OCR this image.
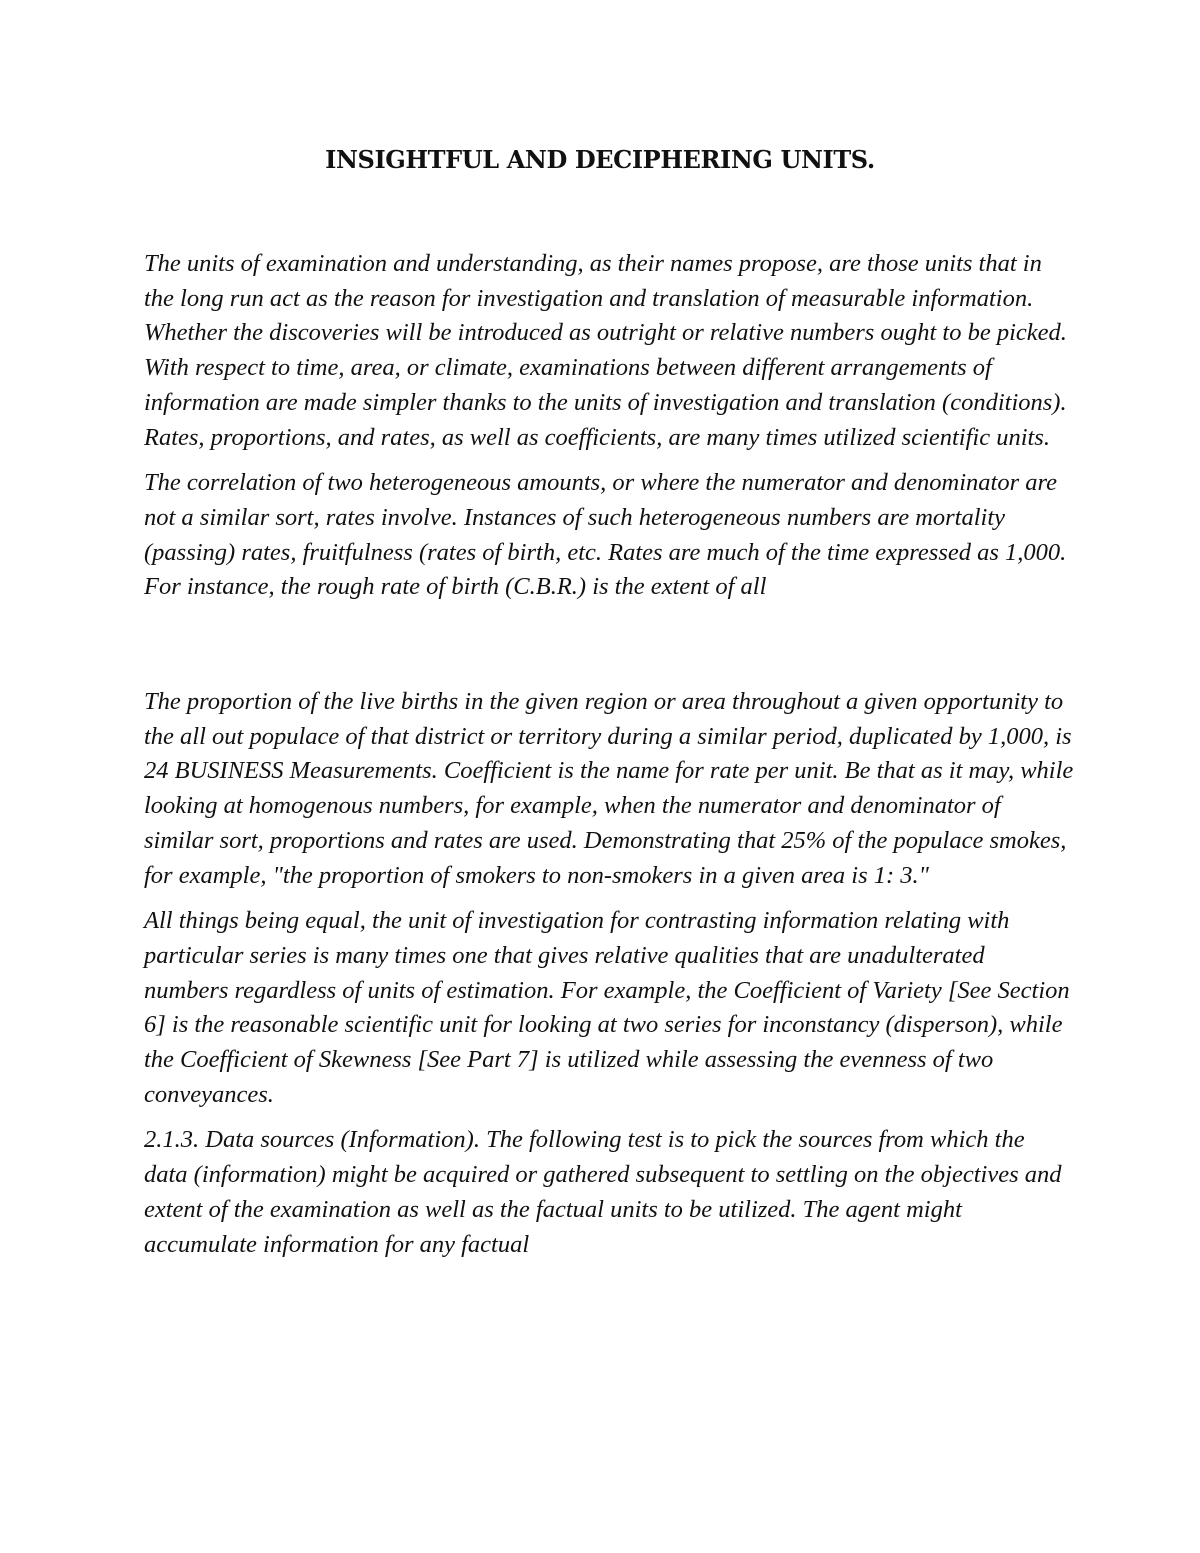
INSIGHTFUL AND DECIPHERING UNITS.

The units of examination and understanding, as their names propose, are those units that in the long run act as the reason for investigation and translation of measurable information. Whether the discoveries will be introduced as outright or relative numbers ought to be picked. With respect to time, area, or climate, examinations between different arrangements of information are made simpler thanks to the units of investigation and translation (conditions). Rates, proportions, and rates, as well as coefficients, are many times utilized scientific units.

The correlation of two heterogeneous amounts, or where the numerator and denominator are not a similar sort, rates involve. Instances of such heterogeneous numbers are mortality (passing) rates, fruitfulness (rates of birth, etc. Rates are much of the time expressed as 1,000. For instance, the rough rate of birth (C.B.R.) is the extent of all

The proportion of the live births in the given region or area throughout a given opportunity to the all out populace of that district or territory during a similar period, duplicated by 1,000, is 24 BUSINESS Measurements. Coefficient is the name for rate per unit. Be that as it may, while looking at homogenous numbers, for example, when the numerator and denominator of similar sort, proportions and rates are used. Demonstrating that 25% of the populace smokes, for example, "the proportion of smokers to non-smokers in a given area is 1: 3."

All things being equal, the unit of investigation for contrasting information relating with particular series is many times one that gives relative qualities that are unadulterated numbers regardless of units of estimation. For example, the Coefficient of Variety [See Section 6] is the reasonable scientific unit for looking at two series for inconstancy (disperson), while the Coefficient of Skewness [See Part 7] is utilized while assessing the evenness of two conveyances.

2.1.3. Data sources (Information). The following test is to pick the sources from which the data (information) might be acquired or gathered subsequent to settling on the objectives and extent of the examination as well as the factual units to be utilized. The agent might accumulate information for any factual
